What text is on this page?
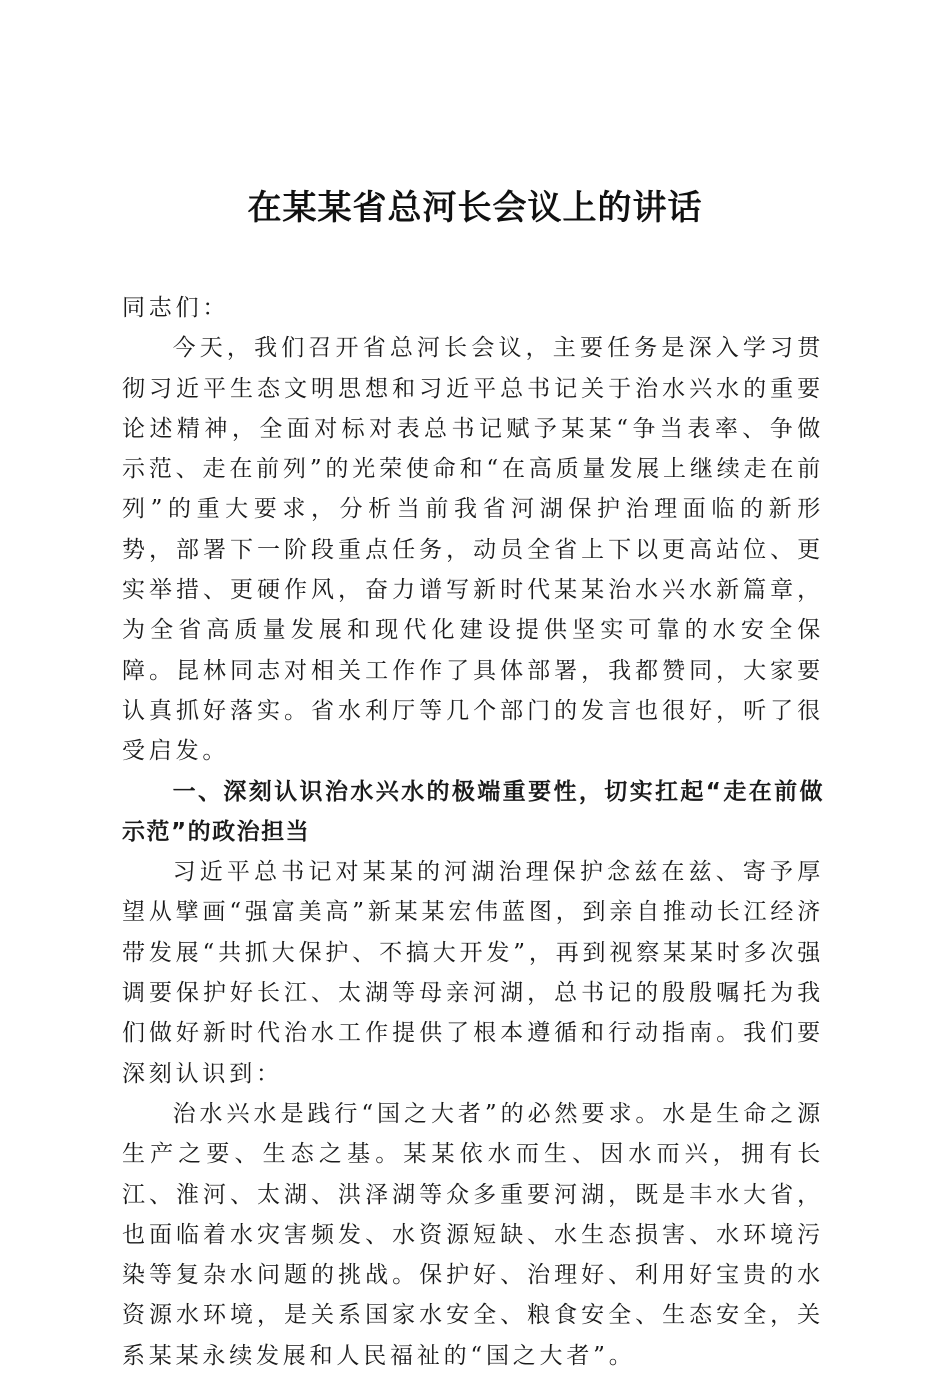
在某某省总河长会议上的讲话

同志们：

今天，我们召开省总河长会议，主要任务是深入学习贯彻习近平生态文明思想和习近平总书记关于治水兴水的重要论述精神，全面对标对表总书记赋予某某“争当表率、争做示范、走在前列”的光荣使命和“在高质量发展上继续走在前列”的重大要求，分析当前我省河湖保护治理面临的新形势，部署下一阶段重点任务，动员全省上下以更高站位、更实举措、更硬作风，奋力谱写新时代某某治水兴水新篇章，为全省高质量发展和现代化建设提供坚实可靠的水安全保障。昆林同志对相关工作作了具体部署，我都赞同，大家要认真抓好落实。省水利厅等几个部门的发言也很好，听了很受启发。

一、深刻认识治水兴水的极端重要性，切实扛起“走在前做示范”的政治担当

习近平总书记对某某的河湖治理保护念兹在兹、寄予厚望从擘画“强富美高”新某某宏伟蓝图，到亲自推动长江经济带发展“共抓大保护、不搞大开发”，再到视察某某时多次强调要保护好长江、太湖等母亲河湖，总书记的殷殷嘱托为我们做好新时代治水工作提供了根本遵循和行动指南。我们要深刻认识到：

治水兴水是践行“国之大者”的必然要求。水是生命之源生产之要、生态之基。某某依水而生、因水而兴，拥有长江、淮河、太湖、洪泽湖等众多重要河湖，既是丰水大省，也面临着水灾害频发、水资源短缺、水生态损害、水环境污染等复杂水问题的挑战。保护好、治理好、利用好宝贵的水资源水环境，是关系国家水安全、粮食安全、生态安全，关系某某永续发展和人民福祉的“国之大者”。
